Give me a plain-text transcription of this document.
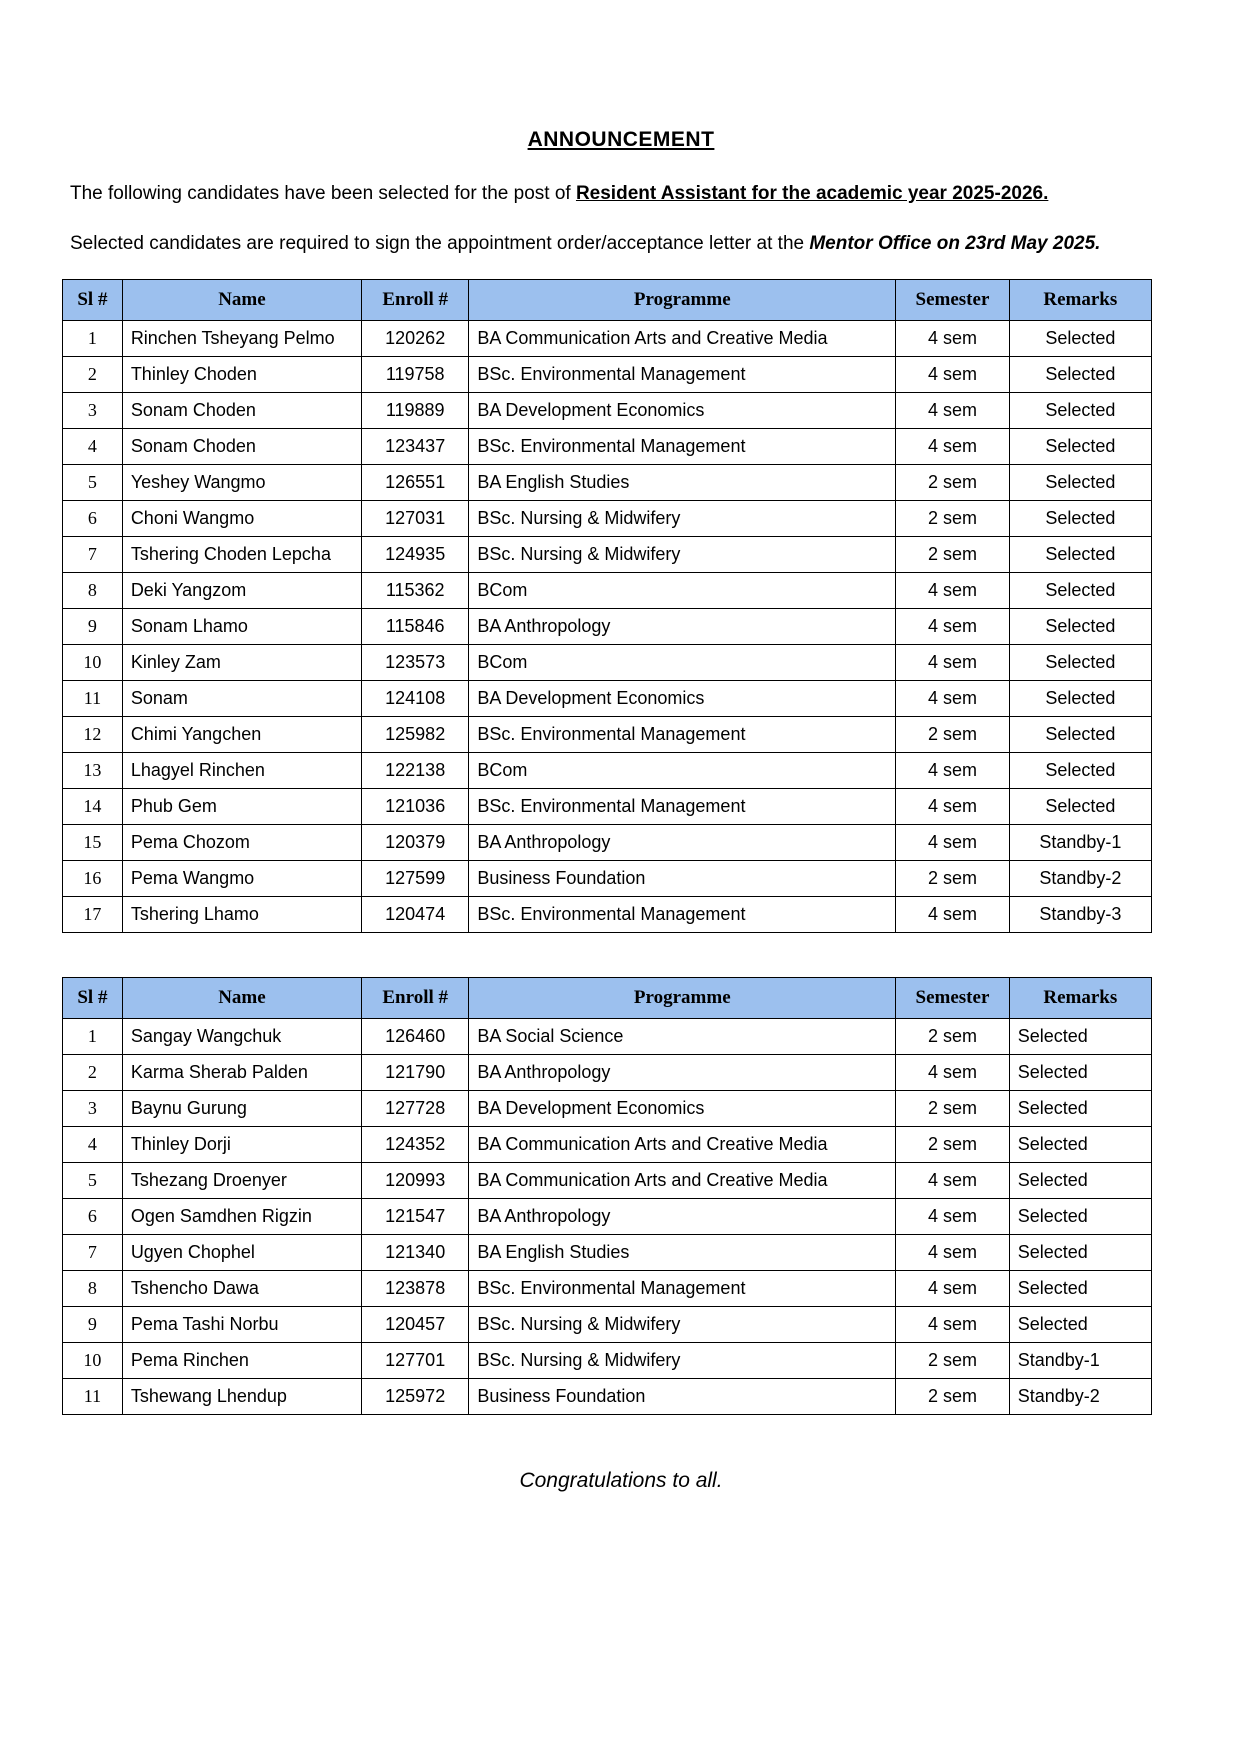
ANNOUNCEMENT

The following candidates have been selected for the post of Resident Assistant for the academic year 2025-2026.

Selected candidates are required to sign the appointment order/acceptance letter at the Mentor Office on 23rd May 2025.

Sl #	Name	Enroll #	Programme	Semester	Remarks
1	Rinchen Tsheyang Pelmo	120262	BA Communication Arts and Creative Media	4 sem	Selected
2	Thinley Choden	119758	BSc. Environmental Management	4 sem	Selected
3	Sonam Choden	119889	BA Development Economics	4 sem	Selected
4	Sonam Choden	123437	BSc. Environmental Management	4 sem	Selected
5	Yeshey Wangmo	126551	BA English Studies	2 sem	Selected
6	Choni Wangmo	127031	BSc. Nursing & Midwifery	2 sem	Selected
7	Tshering Choden Lepcha	124935	BSc. Nursing & Midwifery	2 sem	Selected
8	Deki Yangzom	115362	BCom	4 sem	Selected
9	Sonam Lhamo	115846	BA Anthropology	4 sem	Selected
10	Kinley Zam	123573	BCom	4 sem	Selected
11	Sonam	124108	BA Development Economics	4 sem	Selected
12	Chimi Yangchen	125982	BSc. Environmental Management	2 sem	Selected
13	Lhagyel Rinchen	122138	BCom	4 sem	Selected
14	Phub Gem	121036	BSc. Environmental Management	4 sem	Selected
15	Pema Chozom	120379	BA Anthropology	4 sem	Standby-1
16	Pema Wangmo	127599	Business Foundation	2 sem	Standby-2
17	Tshering Lhamo	120474	BSc. Environmental Management	4 sem	Standby-3
Sl #	Name	Enroll #	Programme	Semester	Remarks
1	Sangay Wangchuk	126460	BA Social Science	2 sem	Selected
2	Karma Sherab Palden	121790	BA Anthropology	4 sem	Selected
3	Baynu Gurung	127728	BA Development Economics	2 sem	Selected
4	Thinley Dorji	124352	BA Communication Arts and Creative Media	2 sem	Selected
5	Tshezang Droenyer	120993	BA Communication Arts and Creative Media	4 sem	Selected
6	Ogen Samdhen Rigzin	121547	BA Anthropology	4 sem	Selected
7	Ugyen Chophel	121340	BA English Studies	4 sem	Selected
8	Tshencho Dawa	123878	BSc. Environmental Management	4 sem	Selected
9	Pema Tashi Norbu	120457	BSc. Nursing & Midwifery	4 sem	Selected
10	Pema Rinchen	127701	BSc. Nursing & Midwifery	2 sem	Standby-1
11	Tshewang Lhendup	125972	Business Foundation	2 sem	Standby-2

Congratulations to all.
